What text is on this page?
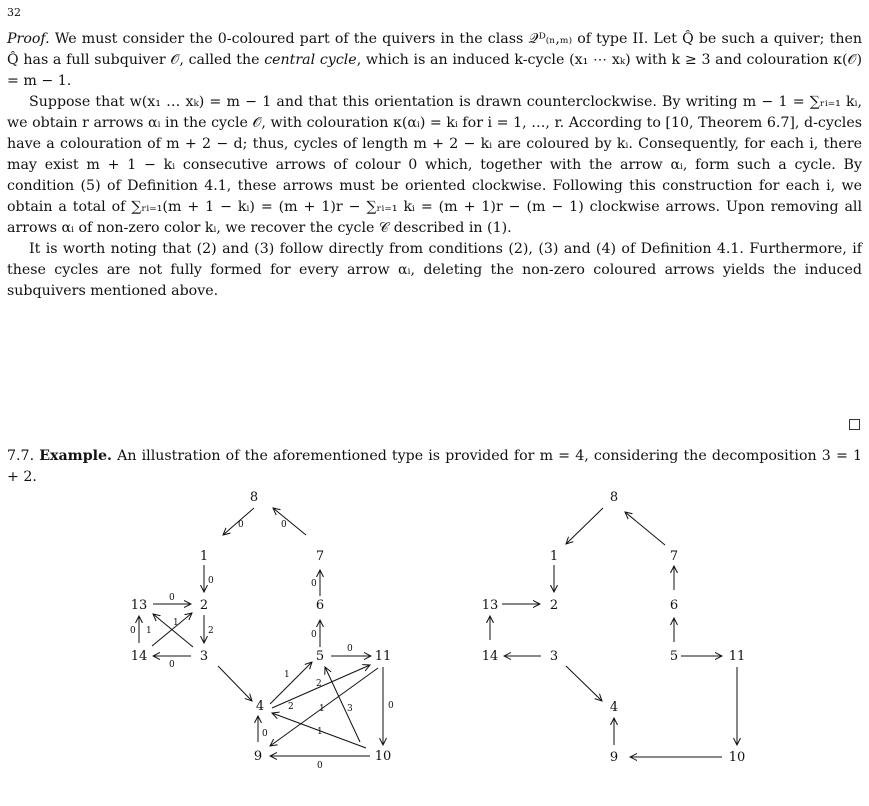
32

Proof. We must consider the 0-coloured part of the quivers in the class 𝒬ᴰ₍ₙ,ₘ₎ of type II. Let Q̂ be such a quiver; then Q̂ has a full subquiver 𝒪, called the central cycle, which is an induced k-cycle (x₁ ⋯ xₖ) with k ≥ 3 and colouration κ(𝒪) = m − 1.

Suppose that w(x₁ … xₖ) = m − 1 and that this orientation is drawn counterclockwise. By writing m − 1 = ∑ᵣᵢ₌₁ kᵢ, we obtain r arrows αᵢ in the cycle 𝒪, with colouration κ(αᵢ) = kᵢ for i = 1, …, r. According to [10, Theorem 6.7], d-cycles have a colouration of m + 2 − d; thus, cycles of length m + 2 − kᵢ are coloured by kᵢ. Consequently, for each i, there may exist m + 1 − kᵢ consecutive arrows of colour 0 which, together with the arrow αᵢ, form such a cycle. By condition (5) of Definition 4.1, these arrows must be oriented clockwise. Following this construction for each i, we obtain a total of ∑ᵣᵢ₌₁(m + 1 − kᵢ) = (m + 1)r − ∑ᵣᵢ₌₁ kᵢ = (m + 1)r − (m − 1) clockwise arrows. Upon removing all arrows αᵢ of non-zero color kᵢ, we recover the cycle 𝒞 described in (1).

It is worth noting that (2) and (3) follow directly from conditions (2), (3) and (4) of Definition 4.1. Furthermore, if these cycles are not fully formed for every arrow αᵢ, deleting the non-zero coloured arrows yields the induced subquivers mentioned above.

7.7. Example. An illustration of the aforementioned type is provided for m = 4, considering the decomposition 3 = 1 + 2.

8
1	7
13	2	6
14	3	5	11
4
9	10
0	0
0	0
0
1
1
2
0
0
0
0
1
2
2	1 3
1
0
0
0
8
1	7
13	2	6
14	3	5	11
4
9	10
